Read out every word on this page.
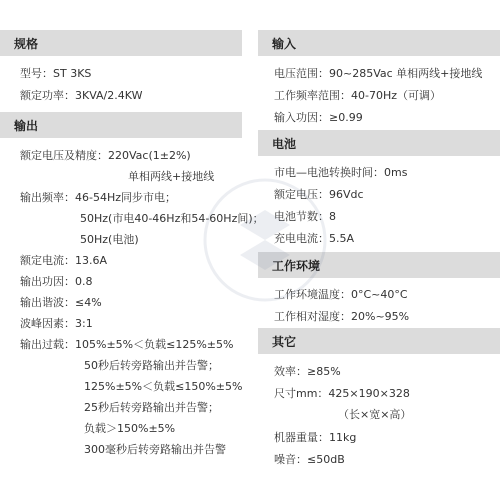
规格
型号：ST 3KS
额定功率：3KVA/2.4KW
输出
额定电压及精度：220Vac(1±2%)
单相两线+接地线
输出频率：46-54Hz同步市电；
50Hz(市电40-46Hz和54-60Hz间)；
50Hz(电池)
额定电流：13.6A
输出功因：0.8
输出谐波：≤4%
波峰因素：3:1
输出过载：105%±5%＜负载≤125%±5%
50秒后转旁路输出并告警；
125%±5%＜负载≤150%±5%
25秒后转旁路输出并告警；
负载＞150%±5%
300毫秒后转旁路输出并告警
输入
电压范围：90~285Vac 单相两线+接地线
工作频率范围：40-70Hz（可调）
输入功因：≥0.99
电池
市电—电池转换时间：0ms
额定电压：96Vdc
电池节数：8
充电电流：5.5A
工作环境
工作环境温度：0°C~40°C
工作相对湿度：20%~95%
其它
效率：≥85%
尺寸mm：425×190×328
（长×宽×高）
机器重量：11kg
噪音：≤50dB
